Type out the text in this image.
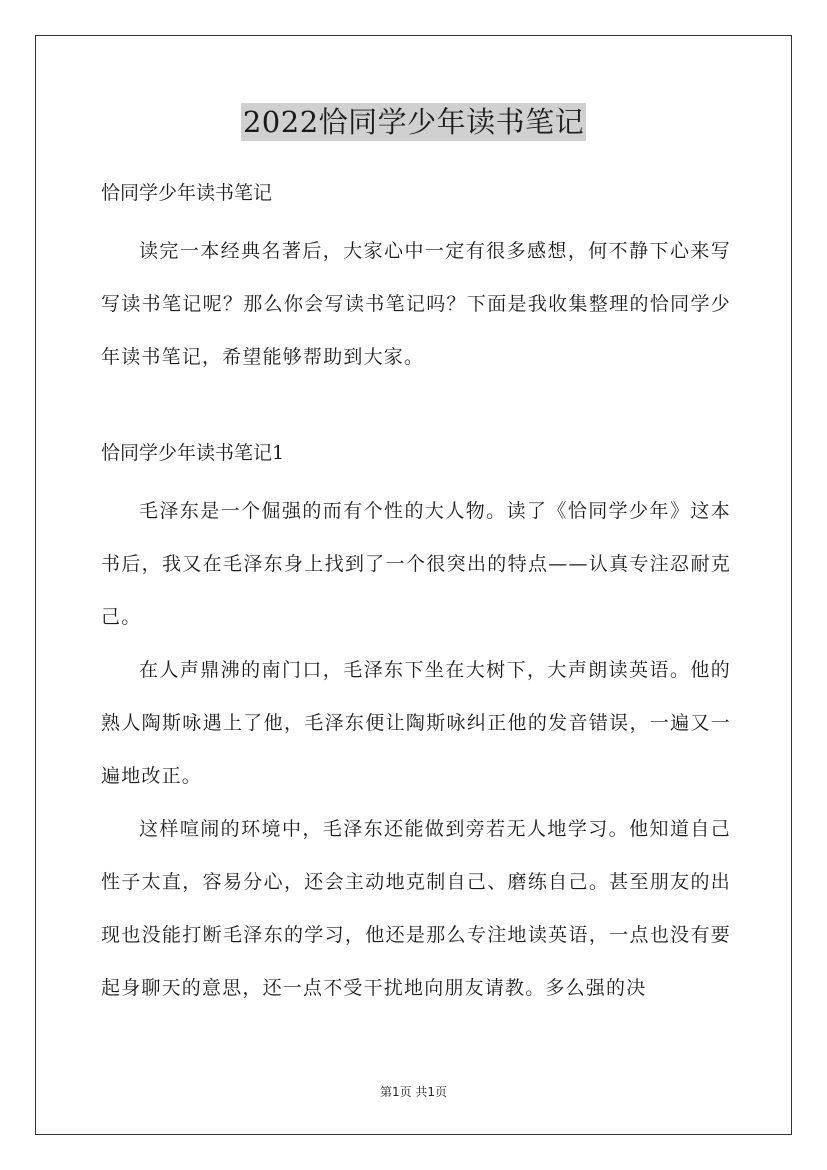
2022恰同学少年读书笔记

恰同学少年读书笔记

读完一本经典名著后，大家心中一定有很多感想，何不静下心来写写读书笔记呢？那么你会写读书笔记吗？下面是我收集整理的恰同学少年读书笔记，希望能够帮助到大家。

恰同学少年读书笔记1

毛泽东是一个倔强的而有个性的大人物。读了《恰同学少年》这本书后，我又在毛泽东身上找到了一个很突出的特点——认真专注忍耐克己。

在人声鼎沸的南门口，毛泽东下坐在大树下，大声朗读英语。他的熟人陶斯咏遇上了他，毛泽东便让陶斯咏纠正他的发音错误，一遍又一遍地改正。

这样喧闹的环境中，毛泽东还能做到旁若无人地学习。他知道自己性子太直，容易分心，还会主动地克制自己、磨练自己。甚至朋友的出现也没能打断毛泽东的学习，他还是那么专注地读英语，一点也没有要起身聊天的意思，还一点不受干扰地向朋友请教。多么强的决

第1页 共1页
